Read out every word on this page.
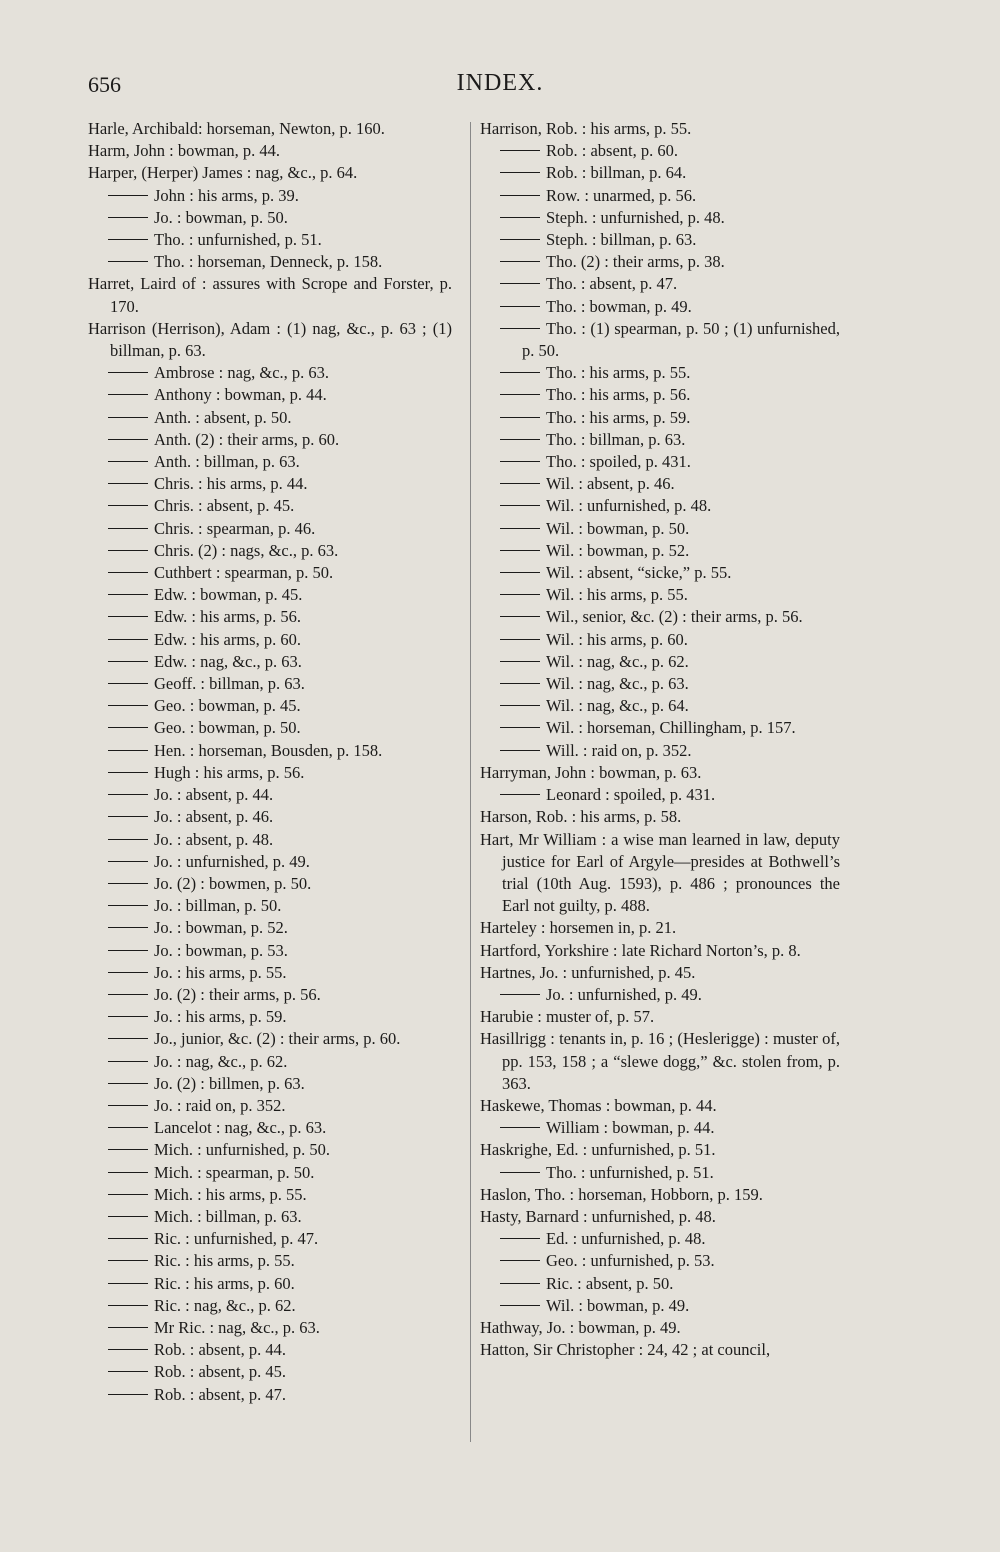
656	INDEX.
Harle, Archibald: horseman, Newton, p. 160.
Harm, John : bowman, p. 44.
Harper, (Herper) James : nag, &c., p. 64.
John : his arms, p. 39.
Jo. : bowman, p. 50.
Tho. : unfurnished, p. 51.
Tho. : horseman, Denneck, p. 158.
Harret, Laird of : assures with Scrope and Forster, p. 170.
Harrison (Herrison), Adam : (1) nag, &c., p. 63 ; (1) billman, p. 63.
Ambrose : nag, &c., p. 63.
Anthony : bowman, p. 44.
Anth. : absent, p. 50.
Anth. (2) : their arms, p. 60.
Anth. : billman, p. 63.
Chris. : his arms, p. 44.
Chris. : absent, p. 45.
Chris. : spearman, p. 46.
Chris. (2) : nags, &c., p. 63.
Cuthbert : spearman, p. 50.
Edw. : bowman, p. 45.
Edw. : his arms, p. 56.
Edw. : his arms, p. 60.
Edw. : nag, &c., p. 63.
Geoff. : billman, p. 63.
Geo. : bowman, p. 45.
Geo. : bowman, p. 50.
Hen. : horseman, Bousden, p. 158.
Hugh : his arms, p. 56.
Jo. : absent, p. 44.
Jo. : absent, p. 46.
Jo. : absent, p. 48.
Jo. : unfurnished, p. 49.
Jo. (2) : bowmen, p. 50.
Jo. : billman, p. 50.
Jo. : bowman, p. 52.
Jo. : bowman, p. 53.
Jo. : his arms, p. 55.
Jo. (2) : their arms, p. 56.
Jo. : his arms, p. 59.
Jo., junior, &c. (2) : their arms, p. 60.
Jo. : nag, &c., p. 62.
Jo. (2) : billmen, p. 63.
Jo. : raid on, p. 352.
Lancelot : nag, &c., p. 63.
Mich. : unfurnished, p. 50.
Mich. : spearman, p. 50.
Mich. : his arms, p. 55.
Mich. : billman, p. 63.
Ric. : unfurnished, p. 47.
Ric. : his arms, p. 55.
Ric. : his arms, p. 60.
Ric. : nag, &c., p. 62.
Mr Ric. : nag, &c., p. 63.
Rob. : absent, p. 44.
Rob. : absent, p. 45.
Rob. : absent, p. 47.
Harrison, Rob. : his arms, p. 55.
Rob. : absent, p. 60.
Rob. : billman, p. 64.
Row. : unarmed, p. 56.
Steph. : unfurnished, p. 48.
Steph. : billman, p. 63.
Tho. (2) : their arms, p. 38.
Tho. : absent, p. 47.
Tho. : bowman, p. 49.
Tho. : (1) spearman, p. 50 ; (1) unfurnished, p. 50.
Tho. : his arms, p. 55.
Tho. : his arms, p. 56.
Tho. : his arms, p. 59.
Tho. : billman, p. 63.
Tho. : spoiled, p. 431.
Wil. : absent, p. 46.
Wil. : unfurnished, p. 48.
Wil. : bowman, p. 50.
Wil. : bowman, p. 52.
Wil. : absent, “sicke,” p. 55.
Wil. : his arms, p. 55.
Wil., senior, &c. (2) : their arms, p. 56.
Wil. : his arms, p. 60.
Wil. : nag, &c., p. 62.
Wil. : nag, &c., p. 63.
Wil. : nag, &c., p. 64.
Wil. : horseman, Chillingham, p. 157.
Will. : raid on, p. 352.
Harryman, John : bowman, p. 63.
Leonard : spoiled, p. 431.
Harson, Rob. : his arms, p. 58.
Hart, Mr William : a wise man learned in law, deputy justice for Earl of Argyle—presides at Bothwell’s trial (10th Aug. 1593), p. 486 ; pronounces the Earl not guilty, p. 488.
Harteley : horsemen in, p. 21.
Hartford, Yorkshire : late Richard Norton’s, p. 8.
Hartnes, Jo. : unfurnished, p. 45.
Jo. : unfurnished, p. 49.
Harubie : muster of, p. 57.
Hasillrigg : tenants in, p. 16 ; (Heslerigge) : muster of, pp. 153, 158 ; a “slewe dogg,” &c. stolen from, p. 363.
Haskewe, Thomas : bowman, p. 44.
William : bowman, p. 44.
Haskrighe, Ed. : unfurnished, p. 51.
Tho. : unfurnished, p. 51.
Haslon, Tho. : horseman, Hobborn, p. 159.
Hasty, Barnard : unfurnished, p. 48.
Ed. : unfurnished, p. 48.
Geo. : unfurnished, p. 53.
Ric. : absent, p. 50.
Wil. : bowman, p. 49.
Hathway, Jo. : bowman, p. 49.
Hatton, Sir Christopher : 24, 42 ; at council,
